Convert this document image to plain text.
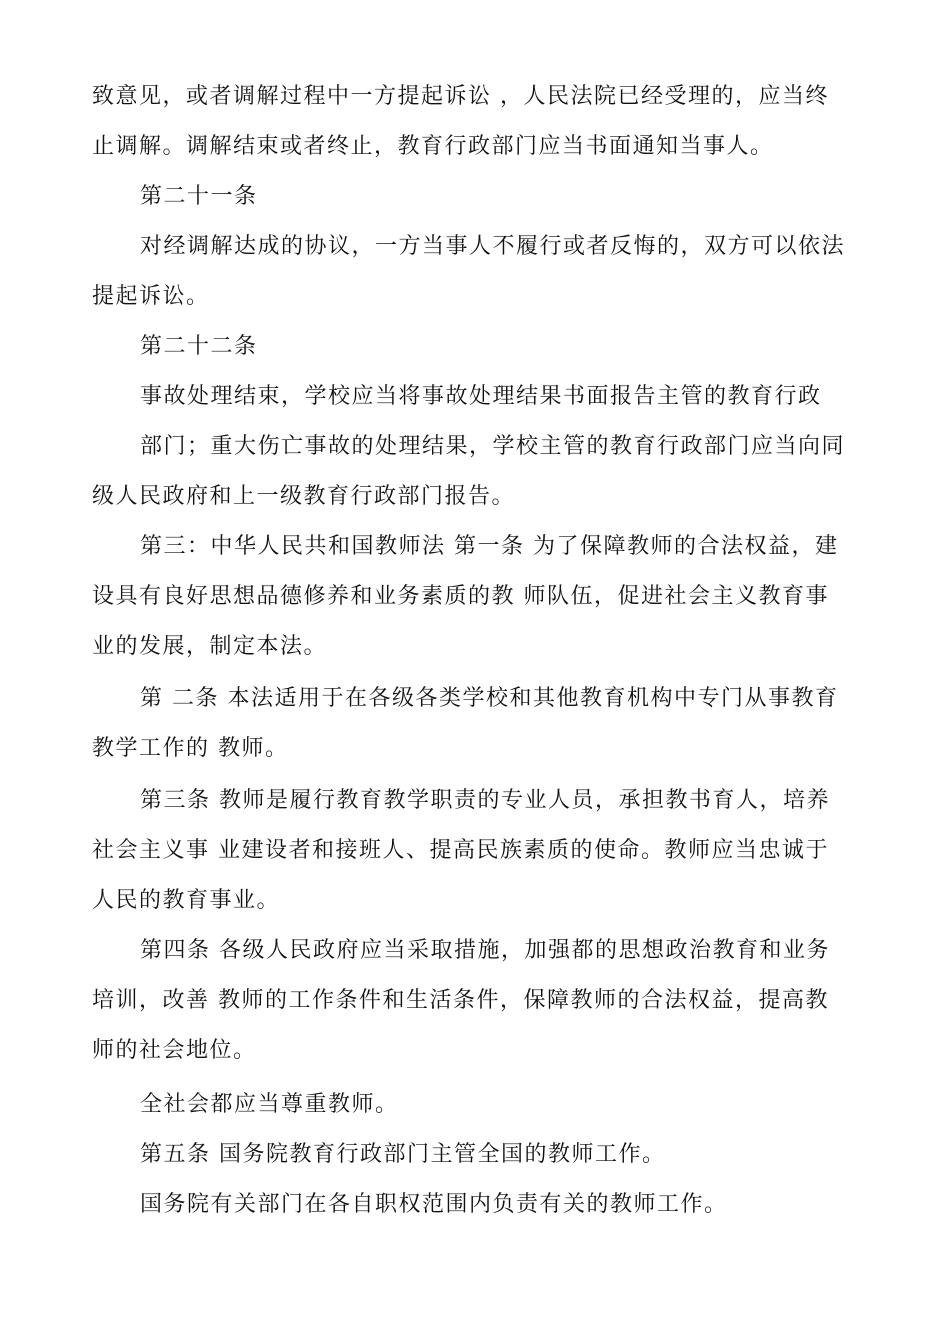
致意见，或者调解过程中一方提起诉讼 ，人民法院已经受理的，应当终
止调解。调解结束或者终止，教育行政部门应当书面通知当事人。
第二十一条
对经调解达成的协议，一方当事人不履行或者反悔的，双方可以依法
提起诉讼。
第二十二条
事故处理结束，学校应当将事故处理结果书面报告主管的教育行政
部门；重大伤亡事故的处理结果，学校主管的教育行政部门应当向同
级人民政府和上一级教育行政部门报告。
第三：中华人民共和国教师法 第一条 为了保障教师的合法权益，建
设具有良好思想品德修养和业务素质的教 师队伍，促进社会主义教育事
业的发展，制定本法。
第 二条 本法适用于在各级各类学校和其他教育机构中专门从事教育
教学工作的 教师。
第三条 教师是履行教育教学职责的专业人员，承担教书育人，培养
社会主义事 业建设者和接班人、提高民族素质的使命。教师应当忠诚于
人民的教育事业。
第四条 各级人民政府应当采取措施，加强都的思想政治教育和业务
培训，改善 教师的工作条件和生活条件，保障教师的合法权益，提高教
师的社会地位。
全社会都应当尊重教师。
第五条 国务院教育行政部门主管全国的教师工作。
国务院有关部门在各自职权范围内负责有关的教师工作。
